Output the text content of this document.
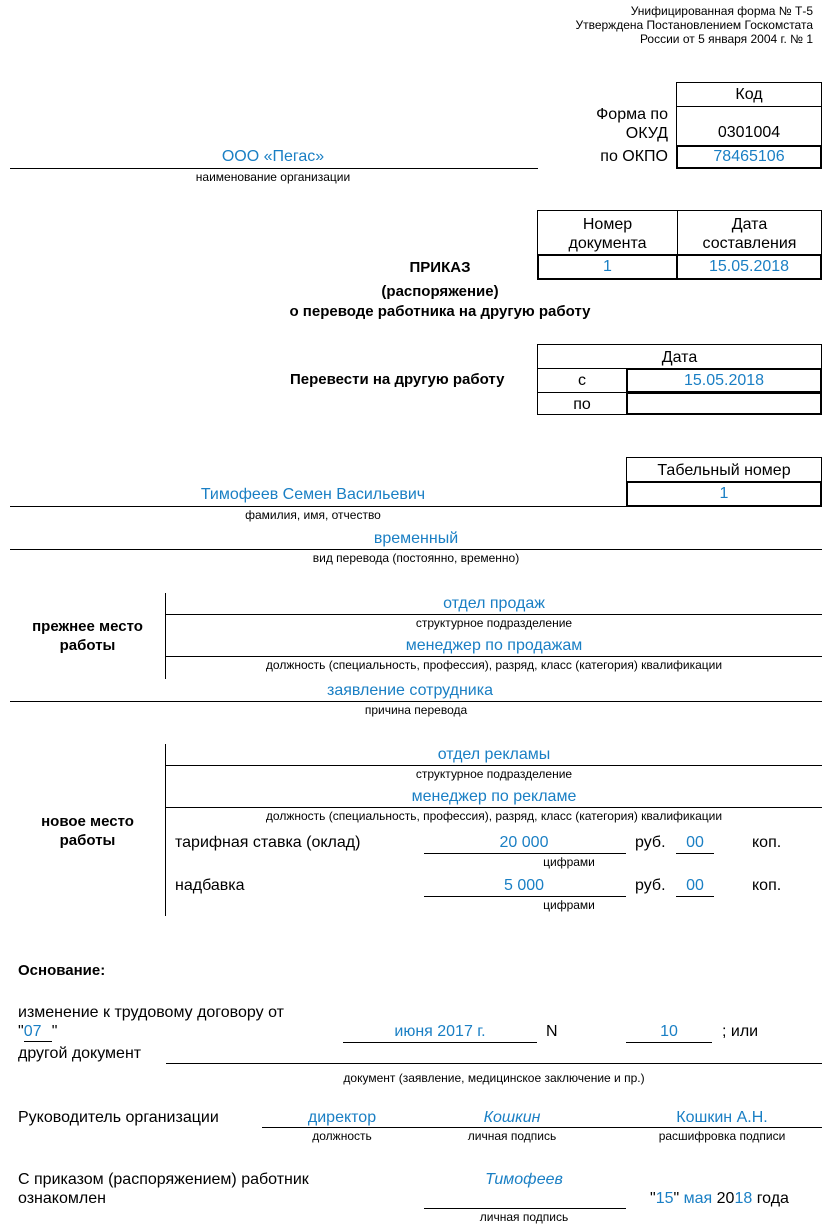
Унифицированная форма № Т-5
Утверждена Постановлением Госкомстата
России от 5 января 2004 г. № 1
Код
0301004
78465106
Форма по
ОКУД
по ОКПО
ООО «Пегас»
наименование организации
Номер документа
Дата составления
1	15.05.2018
ПРИКАЗ
(распоряжение)
о переводе работника на другую работу
Дата
с	15.05.2018
по
Перевести на другую работу
Табельный номер
1
Тимофеев Семен Васильевич
фамилия, имя, отчество
временный
вид перевода (постоянно, временно)
прежнее место
работы
отдел продаж
структурное подразделение
менеджер по продажам
должность (специальность, профессия), разряд, класс (категория) квалификации
заявление сотрудника
причина перевода
новое место
работы
отдел рекламы
структурное подразделение
менеджер по рекламе
должность (специальность, профессия), разряд, класс (категория) квалификации
тарифная ставка (оклад)	20 000
цифрами
руб.	00	коп.
надбавка	5 000
цифрами
руб.	00	коп.
Основание:
изменение к трудовому договору от
"07 "	июня 2017 г.	N	10	; или
другой документ
документ (заявление, медицинское заключение и пр.)
Руководитель организации	директор	Кошкин	Кошкин А.Н.
должность	личная подпись	расшифровка подписи
С приказом (распоряжением) работник
ознакомлен
Тимофеев
личная подпись
"15" мая 2018 года
